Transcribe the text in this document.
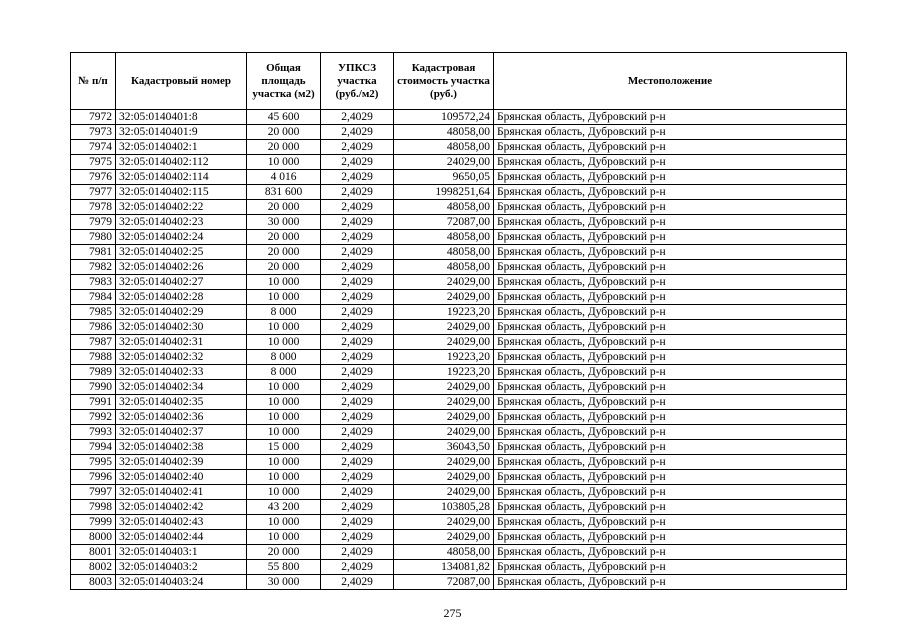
№ п/п	Кадастровый номер	Общая площадь участка (м2)	УПКСЗ участка (руб./м2)	Кадастровая стоимость участка (руб.)	Местоположение
7972	32:05:0140401:8	45 600	2,4029	109572,24	Брянская область, Дубровский р-н
7973	32:05:0140401:9	20 000	2,4029	48058,00	Брянская область, Дубровский р-н
7974	32:05:0140402:1	20 000	2,4029	48058,00	Брянская область, Дубровский р-н
7975	32:05:0140402:112	10 000	2,4029	24029,00	Брянская область, Дубровский р-н
7976	32:05:0140402:114	4 016	2,4029	9650,05	Брянская область, Дубровский р-н
7977	32:05:0140402:115	831 600	2,4029	1998251,64	Брянская область, Дубровский р-н
7978	32:05:0140402:22	20 000	2,4029	48058,00	Брянская область, Дубровский р-н
7979	32:05:0140402:23	30 000	2,4029	72087,00	Брянская область, Дубровский р-н
7980	32:05:0140402:24	20 000	2,4029	48058,00	Брянская область, Дубровский р-н
7981	32:05:0140402:25	20 000	2,4029	48058,00	Брянская область, Дубровский р-н
7982	32:05:0140402:26	20 000	2,4029	48058,00	Брянская область, Дубровский р-н
7983	32:05:0140402:27	10 000	2,4029	24029,00	Брянская область, Дубровский р-н
7984	32:05:0140402:28	10 000	2,4029	24029,00	Брянская область, Дубровский р-н
7985	32:05:0140402:29	8 000	2,4029	19223,20	Брянская область, Дубровский р-н
7986	32:05:0140402:30	10 000	2,4029	24029,00	Брянская область, Дубровский р-н
7987	32:05:0140402:31	10 000	2,4029	24029,00	Брянская область, Дубровский р-н
7988	32:05:0140402:32	8 000	2,4029	19223,20	Брянская область, Дубровский р-н
7989	32:05:0140402:33	8 000	2,4029	19223,20	Брянская область, Дубровский р-н
7990	32:05:0140402:34	10 000	2,4029	24029,00	Брянская область, Дубровский р-н
7991	32:05:0140402:35	10 000	2,4029	24029,00	Брянская область, Дубровский р-н
7992	32:05:0140402:36	10 000	2,4029	24029,00	Брянская область, Дубровский р-н
7993	32:05:0140402:37	10 000	2,4029	24029,00	Брянская область, Дубровский р-н
7994	32:05:0140402:38	15 000	2,4029	36043,50	Брянская область, Дубровский р-н
7995	32:05:0140402:39	10 000	2,4029	24029,00	Брянская область, Дубровский р-н
7996	32:05:0140402:40	10 000	2,4029	24029,00	Брянская область, Дубровский р-н
7997	32:05:0140402:41	10 000	2,4029	24029,00	Брянская область, Дубровский р-н
7998	32:05:0140402:42	43 200	2,4029	103805,28	Брянская область, Дубровский р-н
7999	32:05:0140402:43	10 000	2,4029	24029,00	Брянская область, Дубровский р-н
8000	32:05:0140402:44	10 000	2,4029	24029,00	Брянская область, Дубровский р-н
8001	32:05:0140403:1	20 000	2,4029	48058,00	Брянская область, Дубровский р-н
8002	32:05:0140403:2	55 800	2,4029	134081,82	Брянская область, Дубровский р-н
8003	32:05:0140403:24	30 000	2,4029	72087,00	Брянская область, Дубровский р-н
275
